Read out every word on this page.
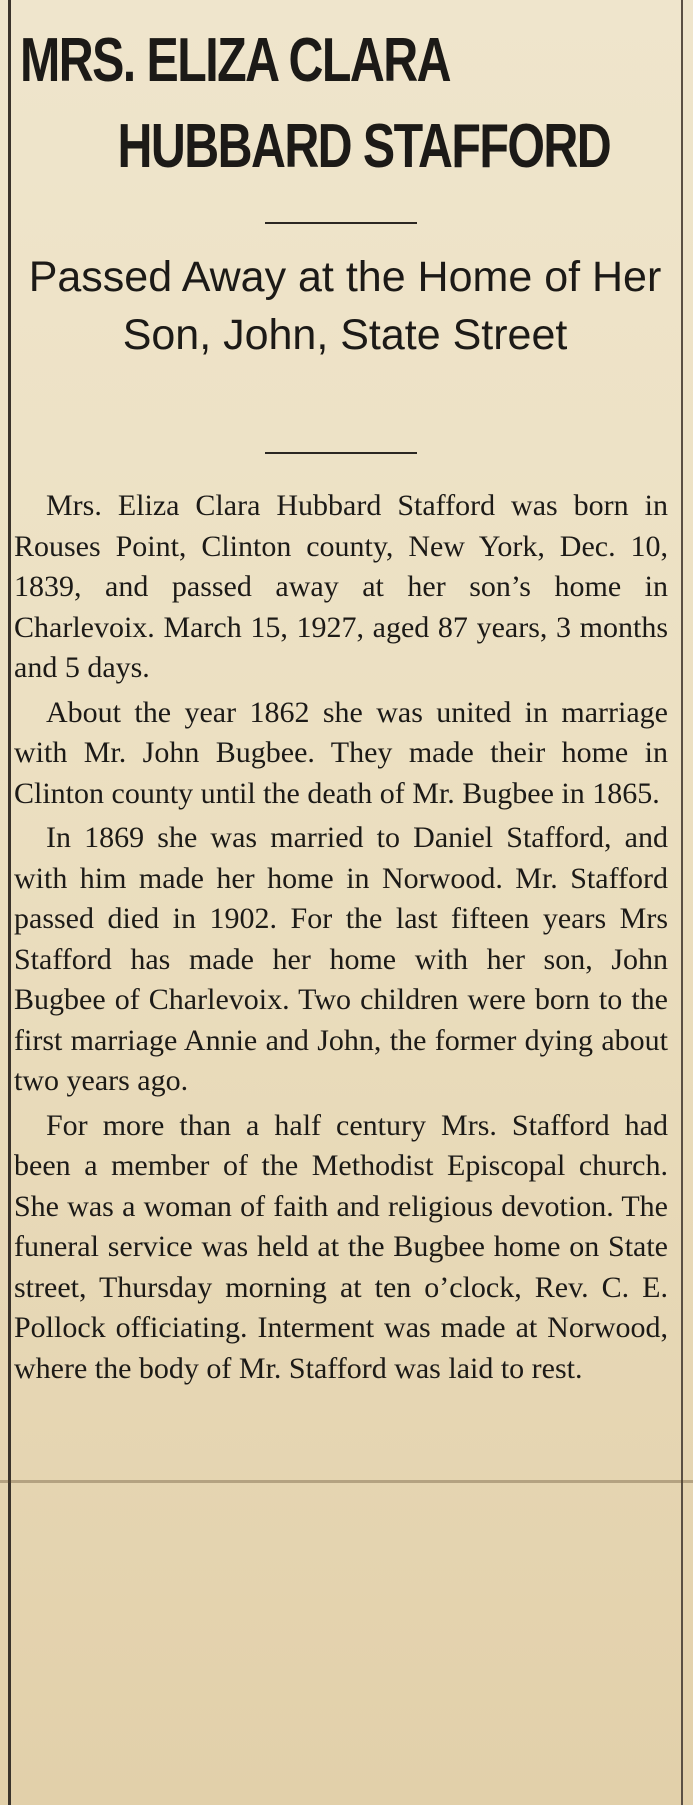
MRS. ELIZA CLARA
HUBBARD STAFFORD
Passed Away at the Home of Her Son, John, State Street

Mrs. Eliza Clara Hubbard Stafford was born in Rouses Point, Clinton county, New York, Dec. 10, 1839, and passed away at her son’s home in Charlevoix. March 15, 1927, aged 87 years, 3 months and 5 days.

About the year 1862 she was united in marriage with Mr. John Bugbee. They made their home in Clinton county until the death of Mr. Bugbee in 1865.

In 1869 she was married to Daniel Stafford, and with him made her home in Norwood. Mr. Stafford passed died in 1902. For the last fifteen years Mrs Stafford has made her home with her son, John Bugbee of Charlevoix. Two children were born to the first marriage Annie and John, the former dying about two years ago.

For more than a half century Mrs. Stafford had been a member of the Methodist Episcopal church. She was a woman of faith and religious devotion. The funeral service was held at the Bugbee home on State street, Thursday morning at ten o’clock, Rev. C. E. Pollock officiating. Interment was made at Norwood, where the body of Mr. Stafford was laid to rest.
